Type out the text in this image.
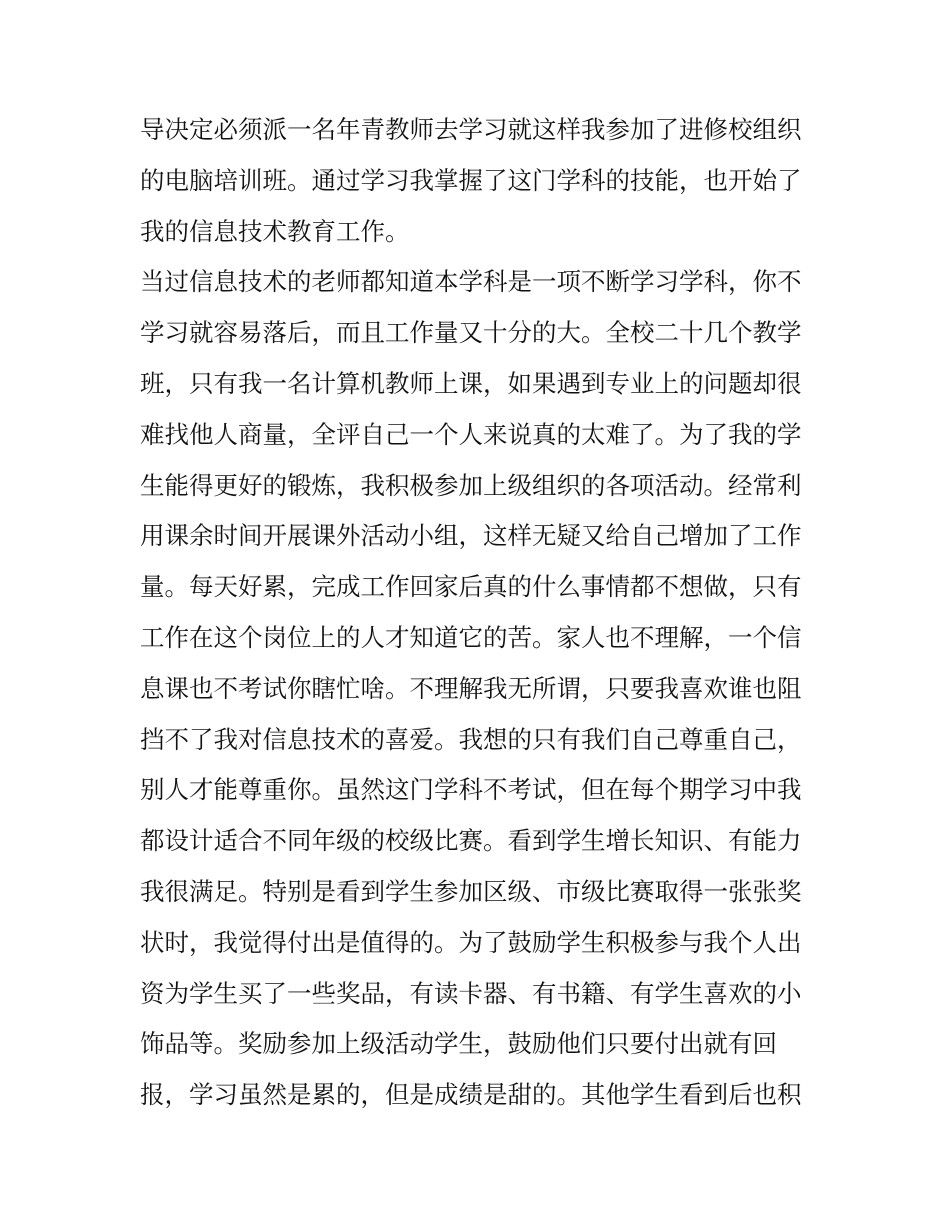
导决定必须派一名年青教师去学习就这样我参加了进修校组织
的电脑培训班。通过学习我掌握了这门学科的技能，也开始了
我的信息技术教育工作。
当过信息技术的老师都知道本学科是一项不断学习学科，你不
学习就容易落后，而且工作量又十分的大。全校二十几个教学
班，只有我一名计算机教师上课，如果遇到专业上的问题却很
难找他人商量，全评自己一个人来说真的太难了。为了我的学
生能得更好的锻炼，我积极参加上级组织的各项活动。经常利
用课余时间开展课外活动小组，这样无疑又给自己增加了工作
量。每天好累，完成工作回家后真的什么事情都不想做，只有
工作在这个岗位上的人才知道它的苦。家人也不理解，一个信
息课也不考试你瞎忙啥。不理解我无所谓，只要我喜欢谁也阻
挡不了我对信息技术的喜爱。我想的只有我们自己尊重自己，
别人才能尊重你。虽然这门学科不考试，但在每个期学习中我
都设计适合不同年级的校级比赛。看到学生增长知识、有能力
我很满足。特别是看到学生参加区级、市级比赛取得一张张奖
状时，我觉得付出是值得的。为了鼓励学生积极参与我个人出
资为学生买了一些奖品，有读卡器、有书籍、有学生喜欢的小
饰品等。奖励参加上级活动学生，鼓励他们只要付出就有回
报，学习虽然是累的，但是成绩是甜的。其他学生看到后也积
